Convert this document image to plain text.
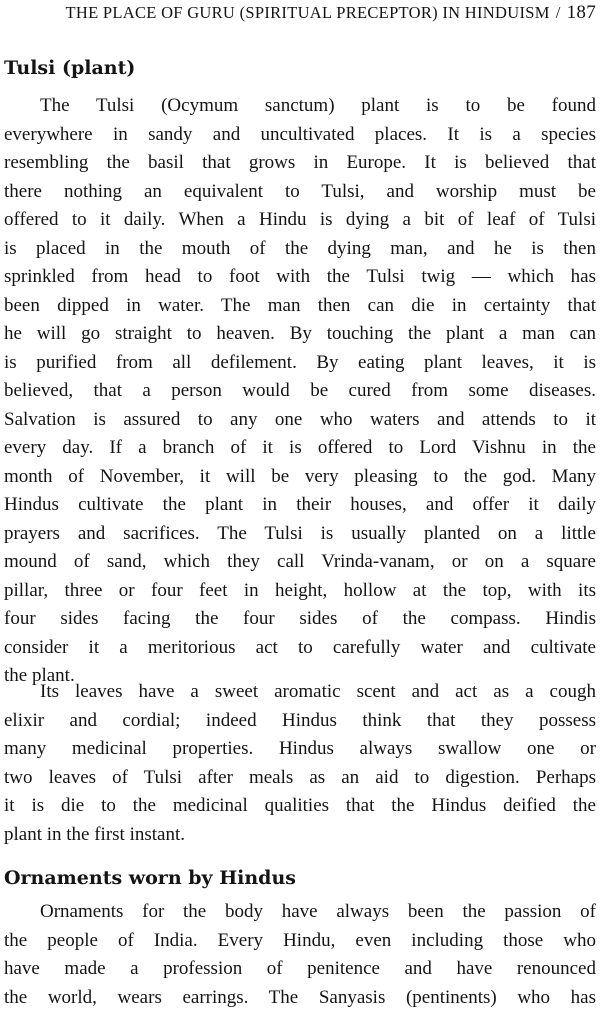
THE PLACE OF GURU (SPIRITUAL PRECEPTOR) IN HINDUISM / 187
Tulsi (plant)
The Tulsi (Ocymum sanctum) plant is to be found
everywhere in sandy and uncultivated places. It is a species
resembling the basil that grows in Europe. It is believed that
there nothing an equivalent to Tulsi, and worship must be
offered to it daily. When a Hindu is dying a bit of leaf of Tulsi
is placed in the mouth of the dying man, and he is then
sprinkled from head to foot with the Tulsi twig — which has
been dipped in water. The man then can die in certainty that
he will go straight to heaven. By touching the plant a man can
is purified from all defilement. By eating plant leaves, it is
believed, that a person would be cured from some diseases.
Salvation is assured to any one who waters and attends to it
every day. If a branch of it is offered to Lord Vishnu in the
month of November, it will be very pleasing to the god. Many
Hindus cultivate the plant in their houses, and offer it daily
prayers and sacrifices. The Tulsi is usually planted on a little
mound of sand, which they call Vrinda-vanam, or on a square
pillar, three or four feet in height, hollow at the top, with its
four sides facing the four sides of the compass. Hindis
consider it a meritorious act to carefully water and cultivate
the plant.
Its leaves have a sweet aromatic scent and act as a cough
elixir and cordial; indeed Hindus think that they possess
many medicinal properties. Hindus always swallow one or
two leaves of Tulsi after meals as an aid to digestion. Perhaps
it is die to the medicinal qualities that the Hindus deified the
plant in the first instant.
Ornaments worn by Hindus
Ornaments for the body have always been the passion of
the people of India. Every Hindu, even including those who
have made a profession of penitence and have renounced
the world, wears earrings. The Sanyasis (pentinents) who has
